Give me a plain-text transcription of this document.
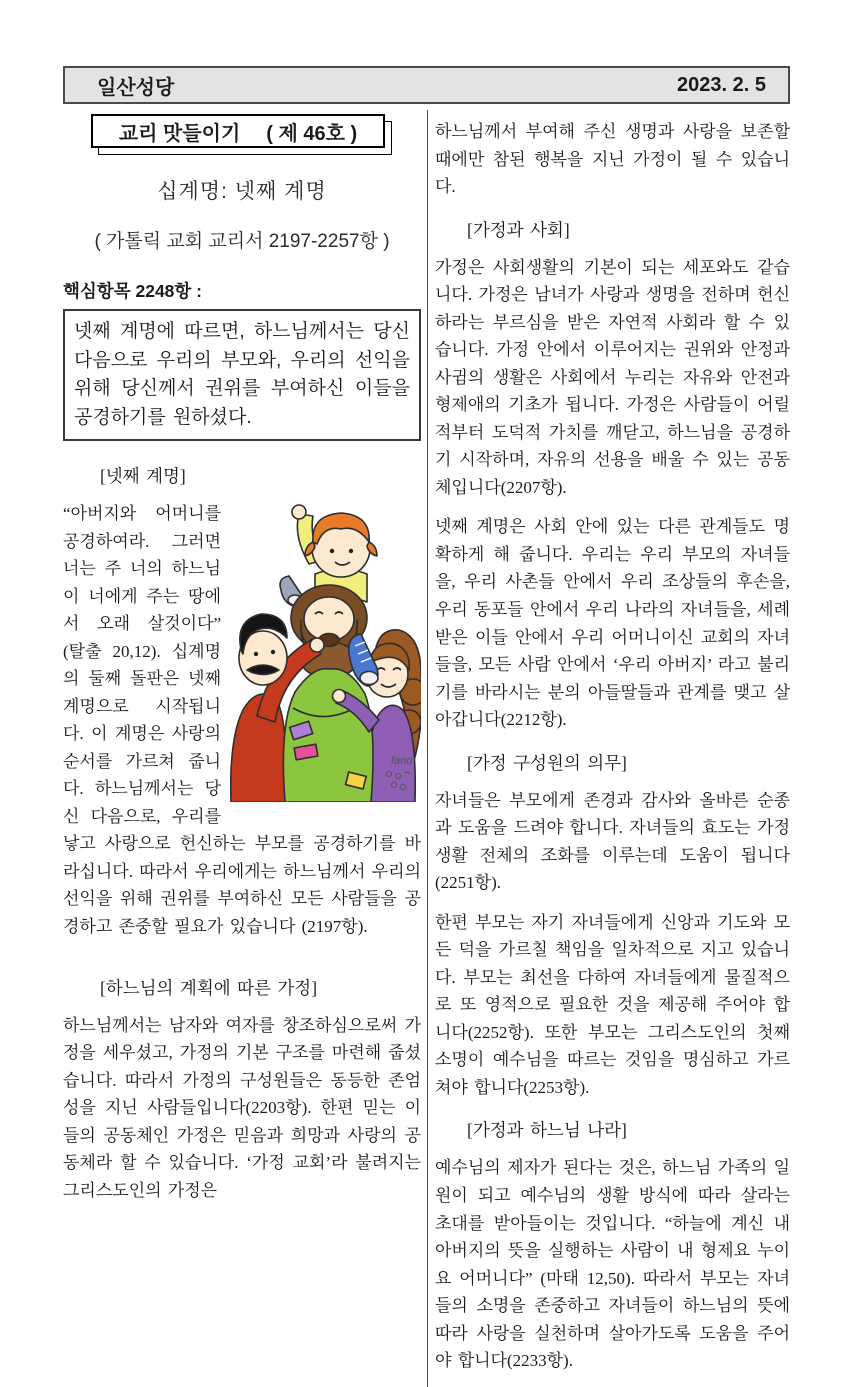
일산성당	2023. 2. 5
교리 맛들이기 ( 제 46호 )
십계명: 넷째 계명
( 가톨릭 교회 교리서 2197-2257항 )
핵심항목 2248항 :
넷째 계명에 따르면, 하느님께서는 당신 다음으로 우리의 부모와, 우리의 선익을 위해 당신께서 권위를 부여하신 이들을 공경하기를 원하셨다.
[넷째 계명]
fano

“아버지와 어머니를 공경하여라. 그러면 너는 주 너의 하느님이 너에게 주는 땅에서 오래 살것이다” (탈출 20,12). 십계명의 둘째 돌판은 넷째 계명으로 시작됩니다. 이 계명은 사랑의 순서를 가르쳐 줍니다. 하느님께서는 당신 다음으로, 우리를 낳고 사랑으로 헌신하는 부모를 공경하기를 바라십니다. 따라서 우리에게는 하느님께서 우리의 선익을 위해 권위를 부여하신 모든 사람들을 공경하고 존중할 필요가 있습니다 (2197항).

[하느님의 계획에 따른 가정]

하느님께서는 남자와 여자를 창조하심으로써 가정을 세우셨고, 가정의 기본 구조를 마련해 줍셨습니다. 따라서 가정의 구성원들은 동등한 존엄성을 지닌 사람들입니다(2203항). 한편 믿는 이들의 공동체인 가정은 믿음과 희망과 사랑의 공동체라 할 수 있습니다. ‘가정 교회’라 불려지는 그리스도인의 가정은

하느님께서 부여해 주신 생명과 사랑을 보존할 때에만 참된 행복을 지닌 가정이 될 수 있습니다.

[가정과 사회]

가정은 사회생활의 기본이 되는 세포와도 같습니다. 가정은 남녀가 사랑과 생명을 전하며 헌신하라는 부르심을 받은 자연적 사회라 할 수 있습니다. 가정 안에서 이루어지는 권위와 안정과 사귐의 생활은 사회에서 누리는 자유와 안전과 형제애의 기초가 됩니다. 가정은 사람들이 어릴 적부터 도덕적 가치를 깨닫고, 하느님을 공경하기 시작하며, 자유의 선용을 배울 수 있는 공동체입니다(2207항).

넷째 계명은 사회 안에 있는 다른 관계들도 명확하게 해 줍니다. 우리는 우리 부모의 자녀들을, 우리 사촌들 안에서 우리 조상들의 후손을, 우리 동포들 안에서 우리 나라의 자녀들을, 세례 받은 이들 안에서 우리 어머니이신 교회의 자녀들을, 모든 사람 안에서 ‘우리 아버지’ 라고 불리기를 바라시는 분의 아들딸들과 관계를 맺고 살아갑니다(2212항).

[가정 구성원의 의무]

자녀들은 부모에게 존경과 감사와 올바른 순종과 도움을 드려야 합니다. 자녀들의 효도는 가정생활 전체의 조화를 이루는데 도움이 됩니다(2251항).

한편 부모는 자기 자녀들에게 신앙과 기도와 모든 덕을 가르칠 책임을 일차적으로 지고 있습니다. 부모는 최선을 다하여 자녀들에게 물질적으로 또 영적으로 필요한 것을 제공해 주어야 합니다(2252항). 또한 부모는 그리스도인의 첫째 소명이 예수님을 따르는 것임을 명심하고 가르쳐야 합니다(2253항).

[가정과 하느님 나라]

예수님의 제자가 된다는 것은, 하느님 가족의 일원이 되고 예수님의 생활 방식에 따라 살라는 초대를 받아들이는 것입니다. “하늘에 계신 내 아버지의 뜻을 실행하는 사람이 내 형제요 누이요 어머니다” (마태 12,50). 따라서 부모는 자녀들의 소명을 존중하고 자녀들이 하느님의 뜻에 따라 사랑을 실천하며 살아가도록 도움을 주어야 합니다(2233항).
